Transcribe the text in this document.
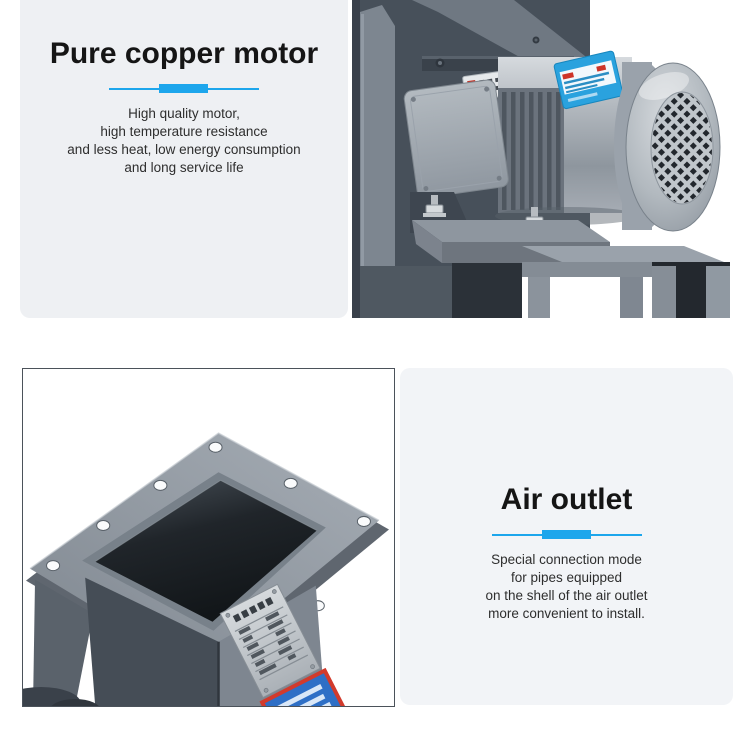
Pure copper motor
High quality motor,
high temperature resistance
and less heat, low energy consumption
and long service life
Air outlet
Special connection mode
for pipes equipped
on the shell of the air outlet
more convenient to install.
